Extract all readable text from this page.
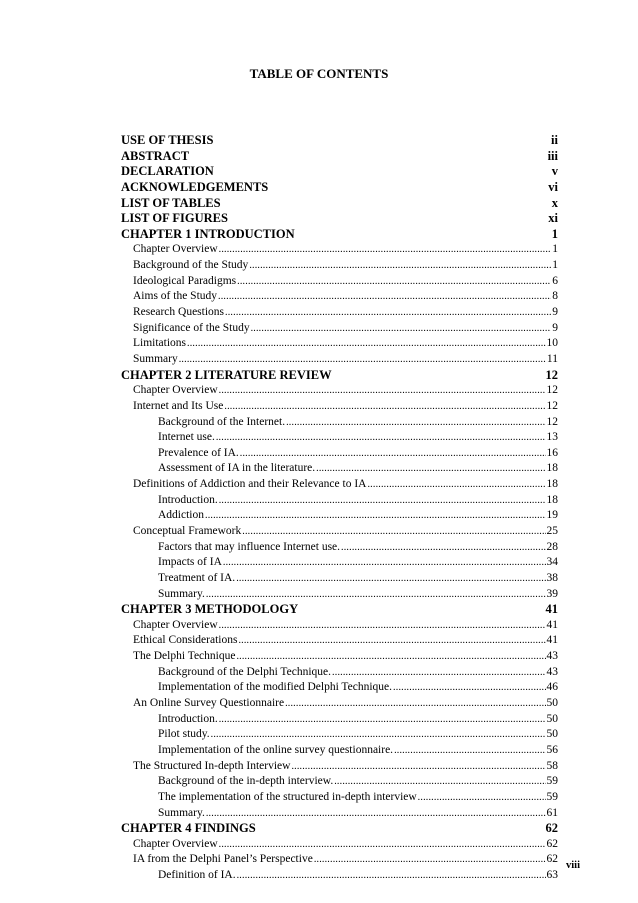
TABLE OF CONTENTS
USE OF THESIS	ii
ABSTRACT	iii
DECLARATION	v
ACKNOWLEDGEMENTS	vi
LIST OF TABLES	x
LIST OF FIGURES	xi
CHAPTER 1 INTRODUCTION	1
Chapter Overview .....	1
Background of the Study .....	1
Ideological Paradigms .....	6
Aims of the Study .....	8
Research Questions .....	9
Significance of the Study .....	9
Limitations .....	10
Summary .....	11
CHAPTER 2 LITERATURE REVIEW	12
Chapter Overview .....	12
Internet and Its Use .....	12
Background of the Internet. .....	12
Internet use. .....	13
Prevalence of IA. .....	16
Assessment of IA in the literature. .....	18
Definitions of Addiction and their Relevance to IA .....	18
Introduction. .....	18
Addiction .....	19
Conceptual Framework .....	25
Factors that may influence Internet use. .....	28
Impacts of IA .....	34
Treatment of IA. .....	38
Summary. .....	39
CHAPTER 3 METHODOLOGY	41
Chapter Overview .....	41
Ethical Considerations .....	41
The Delphi Technique .....	43
Background of the Delphi Technique. .....	43
Implementation of the modified Delphi Technique. .....	46
An Online Survey Questionnaire .....	50
Introduction. .....	50
Pilot study. .....	50
Implementation of the online survey questionnaire. .....	56
The Structured In-depth Interview .....	58
Background of the in-depth interview. .....	59
The implementation of the structured in-depth interview .....	59
Summary. .....	61
CHAPTER 4 FINDINGS	62
Chapter Overview .....	62
IA from the Delphi Panel’s Perspective .....	62
Definition of IA. .....	63
viii
